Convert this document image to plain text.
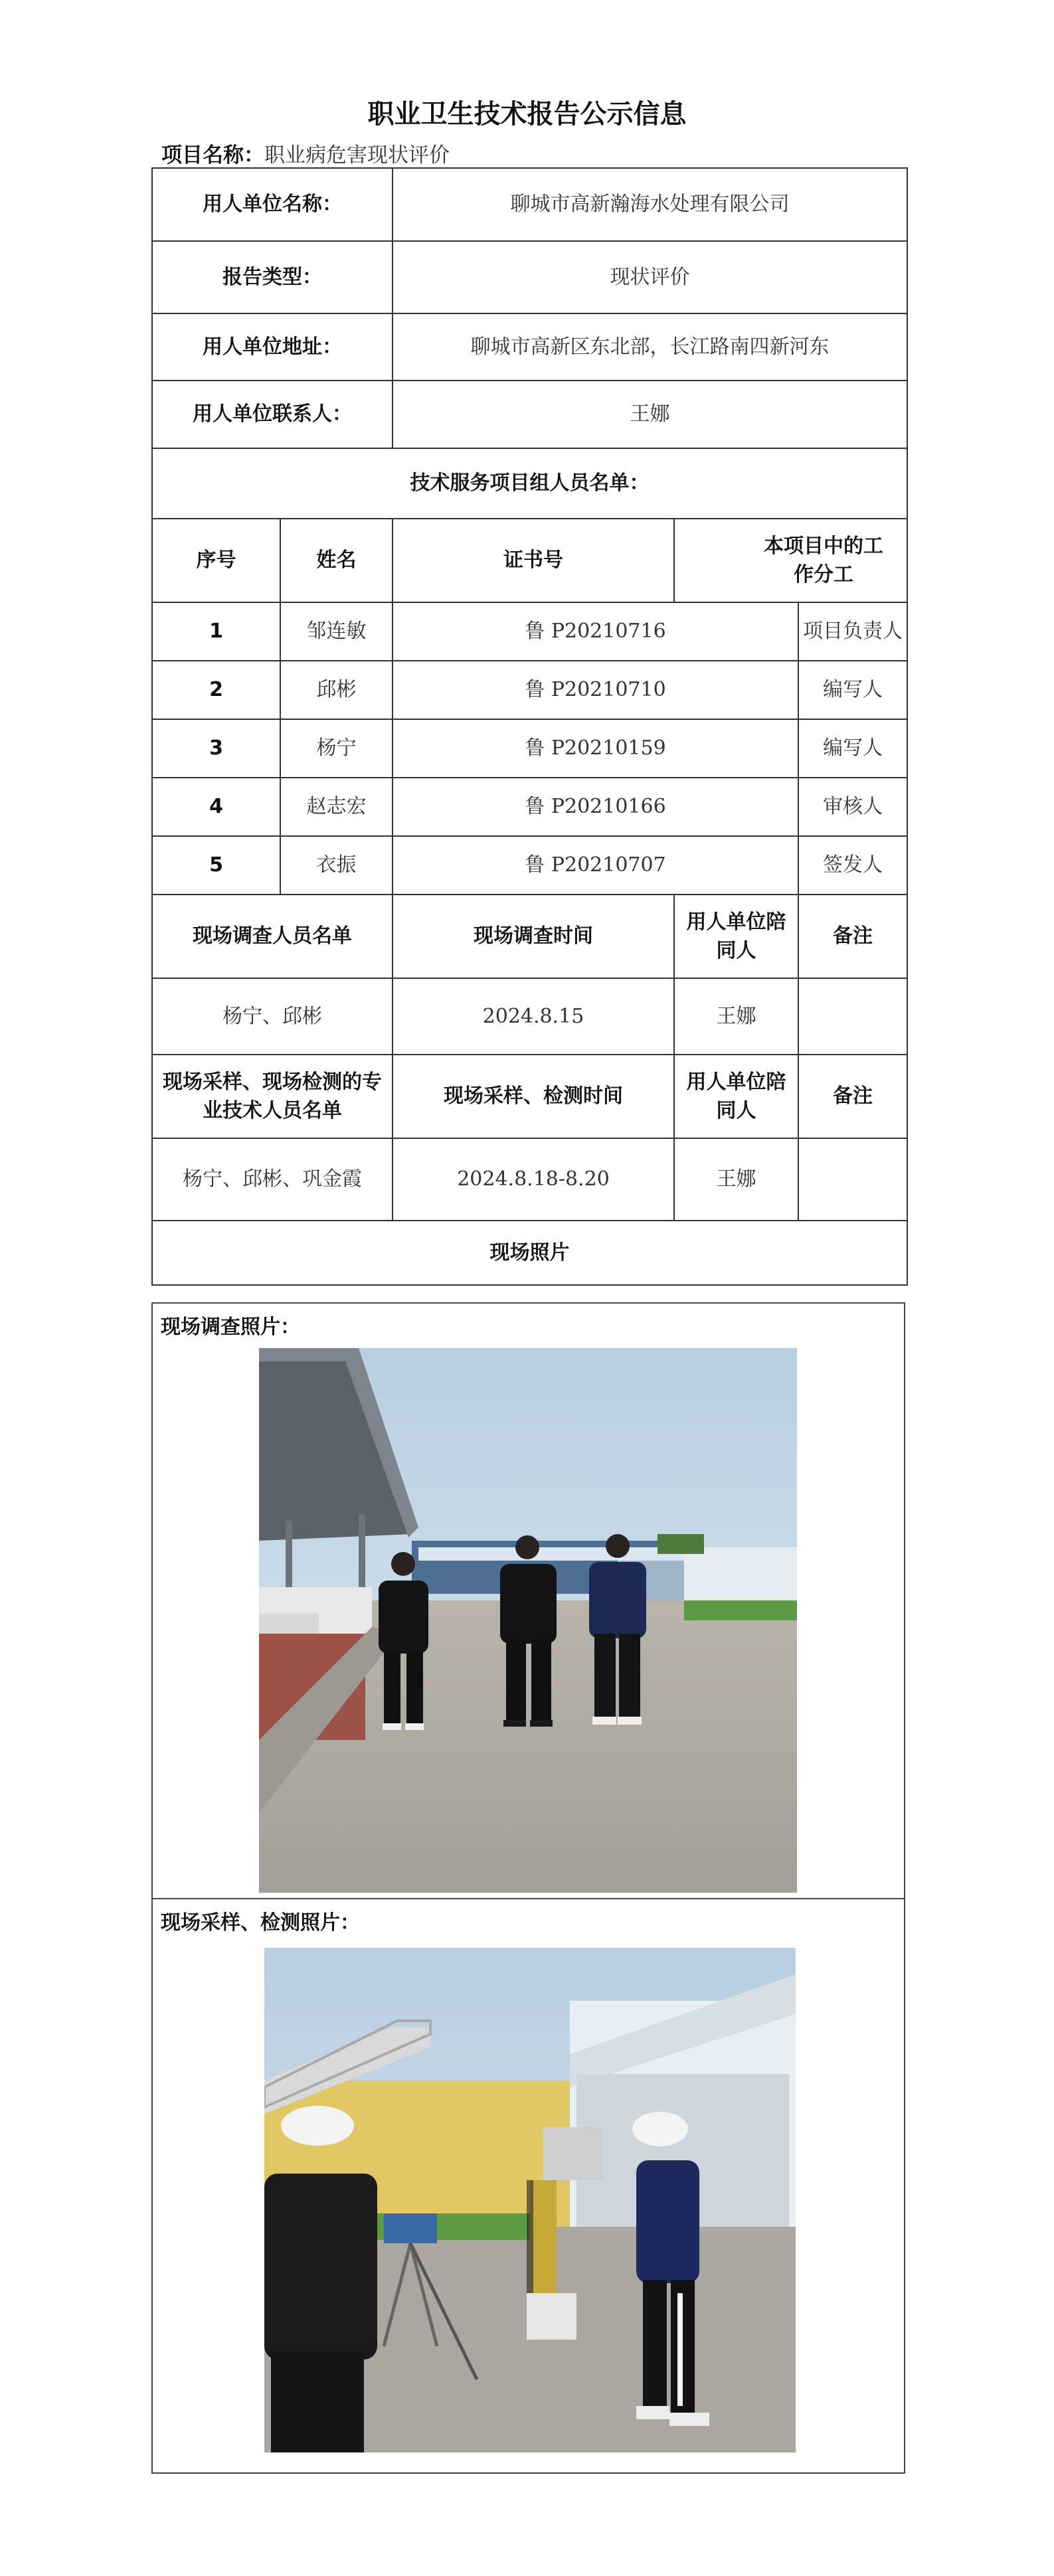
职业卫生技术报告公示信息
项目名称：职业病危害现状评价
用人单位名称：		聊城市高新瀚海水处理有限公司		
报告类型：		现状评价		
用人单位地址：		聊城市高新区东北部，长江路南四新河东		
用人单位联系人：		王娜		
技术服务项目组人员名单：				
序号	姓名	证书号	本项目中的工作分工	
1	邹连敏	鲁 P20210716		项目负责人
2	邱彬	鲁 P20210710		编写人
3	杨宁	鲁 P20210159		编写人
4	赵志宏	鲁 P20210166		审核人
5	衣振	鲁 P20210707		签发人
现场调查人员名单		现场调查时间	用人单位陪同人	备注
杨宁、邱彬		2024.8.15	王娜	
现场采样、现场检测的专业技术人员名单		现场采样、检测时间	用人单位陪同人	备注
杨宁、邱彬、巩金霞		2024.8.18-8.20	王娜	
现场照片				
现场调查照片：
现场采样、检测照片：
